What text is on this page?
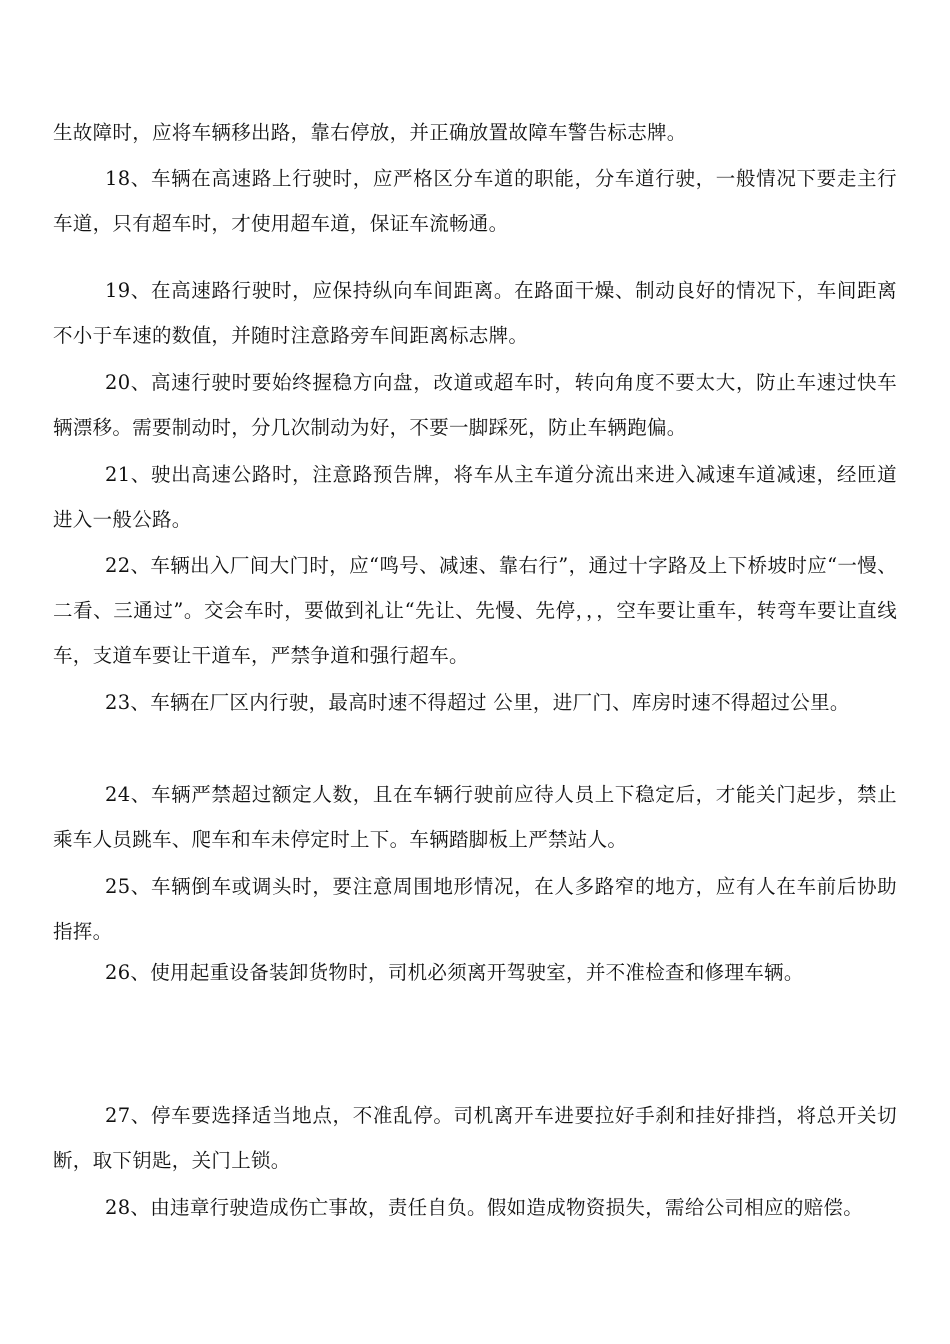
生故障时，应将车辆移出路，靠右停放，并正确放置故障车警告标志牌。

18、车辆在高速路上行驶时，应严格区分车道的职能，分车道行驶，一般情况下要走主行车道，只有超车时，才使用超车道，保证车流畅通。

19、在高速路行驶时，应保持纵向车间距离。在路面干燥、制动良好的情况下，车间距离不小于车速的数值，并随时注意路旁车间距离标志牌。

20、高速行驶时要始终握稳方向盘，改道或超车时，转向角度不要太大，防止车速过快车辆漂移。需要制动时，分几次制动为好，不要一脚踩死，防止车辆跑偏。

21、驶出高速公路时，注意路预告牌，将车从主车道分流出来进入减速车道减速，经匝道进入一般公路。

22、车辆出入厂间大门时，应“鸣号、减速、靠右行”，通过十字路及上下桥坡时应“一慢、二看、三通过”。交会车时，要做到礼让“先让、先慢、先停，，，空车要让重车，转弯车要让直线车，支道车要让干道车，严禁争道和强行超车。

23、车辆在厂区内行驶，最高时速不得超过 公里，进厂门、库房时速不得超过公里。

24、车辆严禁超过额定人数，且在车辆行驶前应待人员上下稳定后，才能关门起步，禁止乘车人员跳车、爬车和车未停定时上下。车辆踏脚板上严禁站人。

25、车辆倒车或调头时，要注意周围地形情况，在人多路窄的地方，应有人在车前后协助指挥。

26、使用起重设备装卸货物时，司机必须离开驾驶室，并不准检查和修理车辆。

27、停车要选择适当地点，不准乱停。司机离开车进要拉好手刹和挂好排挡，将总开关切断，取下钥匙，关门上锁。

28、由违章行驶造成伤亡事故，责任自负。假如造成物资损失，需给公司相应的赔偿。
